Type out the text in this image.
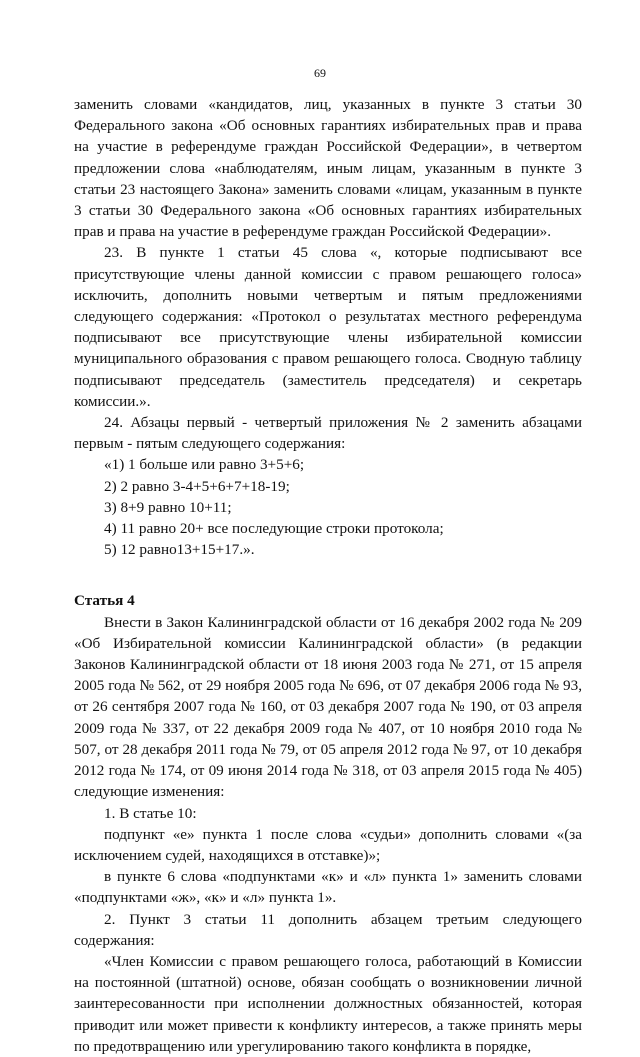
69

заменить словами «кандидатов, лиц, указанных в пункте 3 статьи 30 Федерального закона «Об основных гарантиях избирательных прав и права на участие в референдуме граждан Российской Федерации», в четвертом предложении слова «наблюдателям, иным лицам, указанным в пункте 3 статьи 23 настоящего Закона» заменить словами «лицам, указанным в пункте 3 статьи 30 Федерального закона «Об основных гарантиях избирательных прав и права на участие в референдуме граждан Российской Федерации».

23. В пункте 1 статьи 45 слова «, которые подписывают все присутствующие члены данной комиссии с правом решающего голоса» исключить, дополнить новыми четвертым и пятым предложениями следующего содержания: «Протокол о результатах местного референдума подписывают все присутствующие члены избирательной комиссии муниципального образования с правом решающего голоса. Сводную таблицу подписывают председатель (заместитель председателя) и секретарь комиссии.».

24. Абзацы первый - четвертый приложения № 2 заменить абзацами первым - пятым следующего содержания:

«1) 1 больше или равно 3+5+6;

2) 2 равно 3-4+5+6+7+18-19;

3) 8+9 равно 10+11;

4) 11 равно 20+ все последующие строки протокола;

5) 12 равно13+15+17.».

Статья 4

Внести в Закон Калининградской области от 16 декабря 2002 года № 209 «Об Избирательной комиссии Калининградской области» (в редакции Законов Калининградской области от 18 июня 2003 года № 271, от 15 апреля 2005 года № 562, от 29 ноября 2005 года № 696, от 07 декабря 2006 года № 93, от 26 сентября 2007 года № 160, от 03 декабря 2007 года № 190, от 03 апреля 2009 года № 337, от 22 декабря 2009 года № 407, от 10 ноября 2010 года № 507, от 28 декабря 2011 года № 79, от 05 апреля 2012 года № 97, от 10 декабря 2012 года № 174, от 09 июня 2014 года № 318, от 03 апреля 2015 года № 405) следующие изменения:

1. В статье 10:

подпункт «е» пункта 1 после слова «судьи» дополнить словами «(за исключением судей, находящихся в отставке)»;

в пункте 6 слова «подпунктами «к» и «л» пункта 1» заменить словами «подпунктами «ж», «к» и «л» пункта 1».

2. Пункт 3 статьи 11 дополнить абзацем третьим следующего содержания:

«Член Комиссии с правом решающего голоса, работающий в Комиссии на постоянной (штатной) основе, обязан сообщать о возникновении личной заинтересованности при исполнении должностных обязанностей, которая приводит или может привести к конфликту интересов, а также принять меры по предотвращению или урегулированию такого конфликта в порядке,
